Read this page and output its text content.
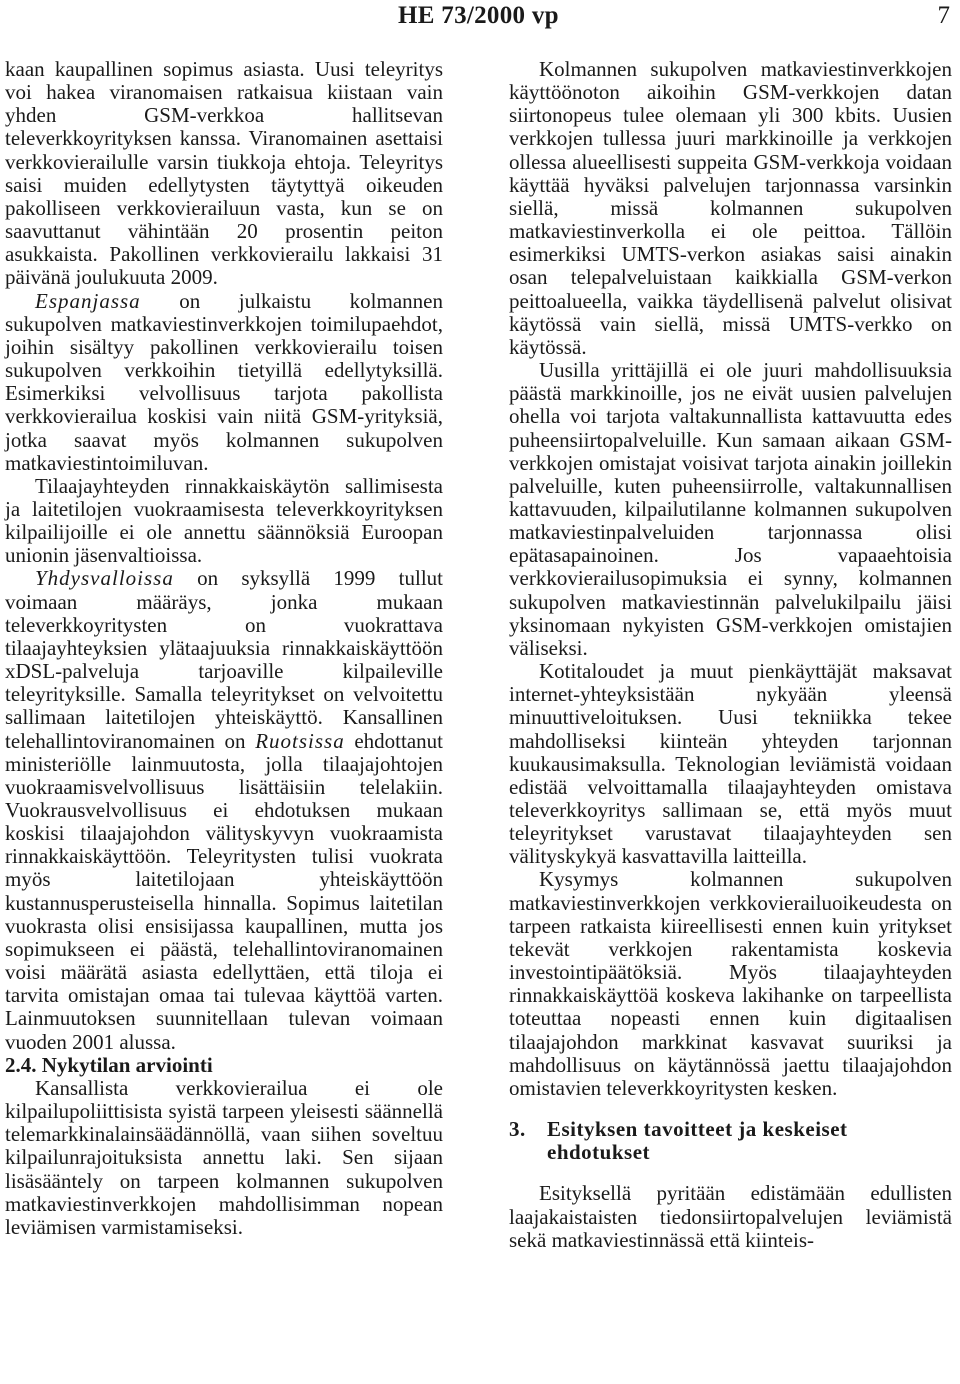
HE 73/2000 vp	7

kaan kaupallinen sopimus asiasta. Uusi teleyritys voi hakea viranomaisen ratkaisua kiistaan vain yhden GSM-verkkoa hallitsevan televerkkoyrityksen kanssa. Viranomainen asettaisi verkkovierailulle varsin tiukkoja ehtoja. Teleyritys saisi muiden edellytysten täytyttyä oikeuden pakolliseen verkkovierailuun vasta, kun se on saavuttanut vähintään 20 prosentin peiton asukkaista. Pakollinen verkkovierailu lakkaisi 31 päivänä joulukuuta 2009.

Espanjassa on julkaistu kolmannen sukupolven matkaviestinverkkojen toimilupaehdot, joihin sisältyy pakollinen verkkovierailu toisen sukupolven verkkoihin tietyillä edellytyksillä. Esimerkiksi velvollisuus tarjota pakollista verkkovierailua koskisi vain niitä GSM-yrityksiä, jotka saavat myös kolmannen sukupolven matkaviestintoimiluvan.

Tilaajayhteyden rinnakkaiskäytön sallimisesta ja laitetilojen vuokraamisesta televerkkoyrityksen kilpailijoille ei ole annettu säännöksiä Euroopan unionin jäsenvaltioissa.

Yhdysvalloissa on syksyllä 1999 tullut voimaan määräys, jonka mukaan televerkkoyritysten on vuokrattava tilaajayhteyksien ylätaajuuksia rinnakkaiskäyttöön xDSL-palveluja tarjoaville kilpaileville teleyrityksille. Samalla teleyritykset on velvoitettu sallimaan laitetilojen yhteiskäyttö. Kansallinen telehallintoviranomainen on Ruotsissa ehdottanut ministeriölle lainmuutosta, jolla tilaajajohtojen vuokraamisvelvollisuus lisättäisiin telelakiin. Vuokrausvelvollisuus ei ehdotuksen mukaan koskisi tilaajajohdon välityskyvyn vuokraamista rinnakkaiskäyttöön. Teleyritysten tulisi vuokrata myös laitetilojaan yhteiskäyttöön kustannusperusteisella hinnalla. Sopimus laitetilan vuokrasta olisi ensisijassa kaupallinen, mutta jos sopimukseen ei päästä, telehallintoviranomainen voisi määrätä asiasta edellyttäen, että tiloja ei tarvita omistajan omaa tai tulevaa käyttöä varten. Lainmuutoksen suunnitellaan tulevan voimaan vuoden 2001 alussa.

2.4. Nykytilan arviointi

Kansallista verkkovierailua ei ole kilpailupoliittisista syistä tarpeen yleisesti säännellä telemarkkinalainsäädännöllä, vaan siihen soveltuu kilpailunrajoituksista annettu laki. Sen sijaan lisäsääntely on tarpeen kolmannen sukupolven matkaviestinverkkojen mahdollisimman nopean leviämisen varmistamiseksi.

Kolmannen sukupolven matkaviestinverkkojen käyttöönoton aikoihin GSM-verkkojen datan siirtonopeus tulee olemaan yli 300 kbits. Uusien verkkojen tullessa juuri markkinoille ja verkkojen ollessa alueellisesti suppeita GSM-verkkoja voidaan käyttää hyväksi palvelujen tarjonnassa varsinkin siellä, missä kolmannen sukupolven matkaviestinverkolla ei ole peittoa. Tällöin esimerkiksi UMTS-verkon asiakas saisi ainakin osan telepalveluistaan kaikkialla GSM-verkon peittoalueella, vaikka täydellisenä palvelut olisivat käytössä vain siellä, missä UMTS-verkko on käytössä.

Uusilla yrittäjillä ei ole juuri mahdollisuuksia päästä markkinoille, jos ne eivät uusien palvelujen ohella voi tarjota valtakunnallista kattavuutta edes puheensiirtopalveluille. Kun samaan aikaan GSM-verkkojen omistajat voisivat tarjota ainakin joillekin palveluille, kuten puheensiirrolle, valtakunnallisen kattavuuden, kilpailutilanne kolmannen sukupolven matkaviestinpalveluiden tarjonnassa olisi epätasapainoinen. Jos vapaaehtoisia verkkovierailusopimuksia ei synny, kolmannen sukupolven matkaviestinnän palvelukilpailu jäisi yksinomaan nykyisten GSM-verkkojen omistajien väliseksi.

Kotitaloudet ja muut pienkäyttäjät maksavat internet-yhteyksistään nykyään yleensä minuuttiveloituksen. Uusi tekniikka tekee mahdolliseksi kiinteän yhteyden tarjonnan kuukausimaksulla. Teknologian leviämistä voidaan edistää velvoittamalla tilaajayhteyden omistava televerkkoyritys sallimaan se, että myös muut teleyritykset varustavat tilaajayhteyden sen välityskykyä kasvattavilla laitteilla.

Kysymys kolmannen sukupolven matkaviestinverkkojen verkkovierailuoikeudesta on tarpeen ratkaista kiireellisesti ennen kuin yritykset tekevät verkkojen rakentamista koskevia investointipäätöksiä. Myös tilaajayhteyden rinnakkaiskäyttöä koskeva lakihanke on tarpeellista toteuttaa nopeasti ennen kuin digitaalisen tilaajajohdon markkinat kasvavat suuriksi ja mahdollisuus on käytännössä jaettu tilaajajohdon omistavien televerkkoyritysten kesken.

3.	Esityksen tavoitteet ja keskeiset ehdotukset

Esityksellä pyritään edistämään edullisten laajakaistaisten tiedonsiirtopalvelujen leviämistä sekä matkaviestinnässä että kiinteis-
